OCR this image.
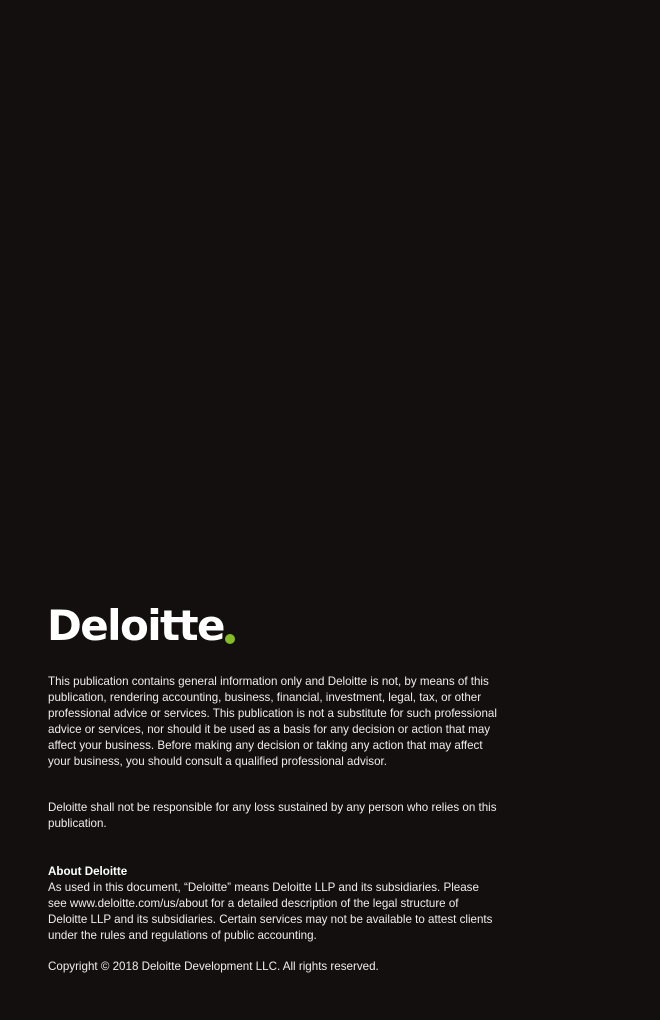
Deloitte
This publication contains general information only and Deloitte is not, by means of this publication, rendering accounting, business, financial, investment, legal, tax, or other professional advice or services. This publication is not a substitute for such professional advice or services, nor should it be used as a basis for any decision or action that may affect your business. Before making any decision or taking any action that may affect your business, you should consult a qualified professional advisor.
Deloitte shall not be responsible for any loss sustained by any person who relies on this publication.
About Deloitte
As used in this document, “Deloitte” means Deloitte LLP and its subsidiaries. Please see www.deloitte.com/us/about for a detailed description of the legal structure of Deloitte LLP and its subsidiaries. Certain services may not be available to attest clients under the rules and regulations of public accounting.
Copyright © 2018 Deloitte Development LLC. All rights reserved.
